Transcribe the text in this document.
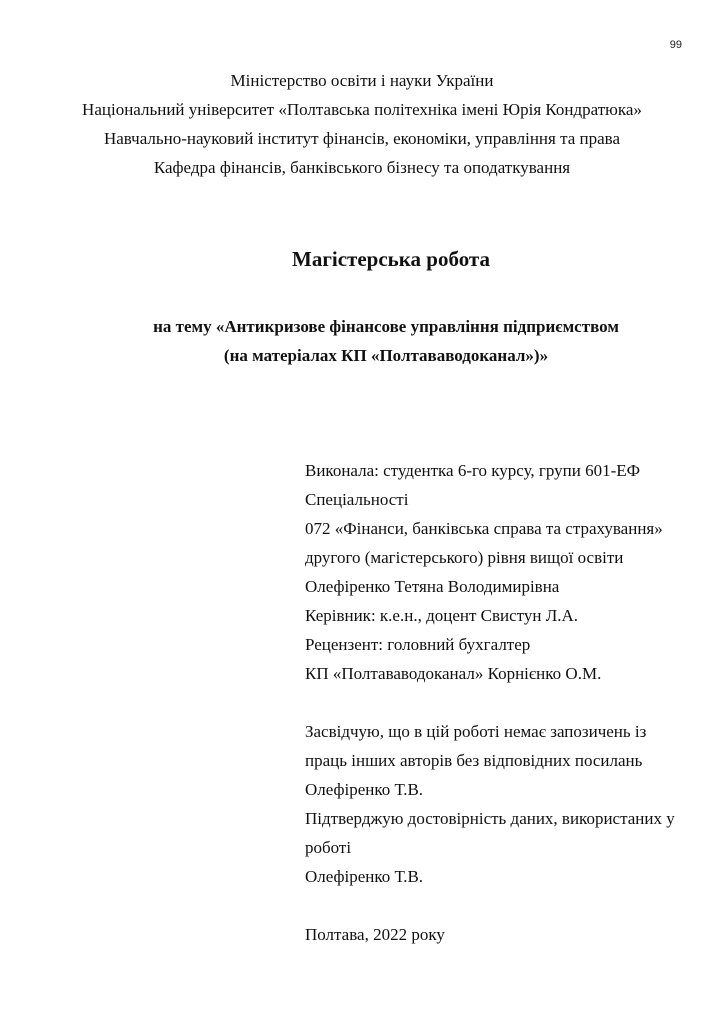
99
Міністерство освіти і науки України
Національний університет «Полтавська політехніка імені Юрія Кондратюка»
Навчально-науковий інститут фінансів, економіки, управління та права
Кафедра фінансів, банківського бізнесу та оподаткування
Магістерська робота
на тему «Антикризове фінансове управління підприємством
(на матеріалах КП «Полтававодоканал»)»
Виконала: студентка 6-го курсу, групи 601-ЕФ
Спеціальності
072 «Фінанси, банківська справа та страхування»
другого (магістерського) рівня вищої освіти
Олефіренко Тетяна Володимирівна
Керівник: к.е.н., доцент Свистун Л.А.
Рецензент: головний бухгалтер
КП «Полтававодоканал» Корнієнко О.М.
Засвідчую, що в цій роботі немає запозичень із
праць інших авторів без відповідних посилань
Олефіренко Т.В.
Підтверджую достовірність даних, використаних у
роботі
Олефіренко Т.В.
Полтава, 2022 року
